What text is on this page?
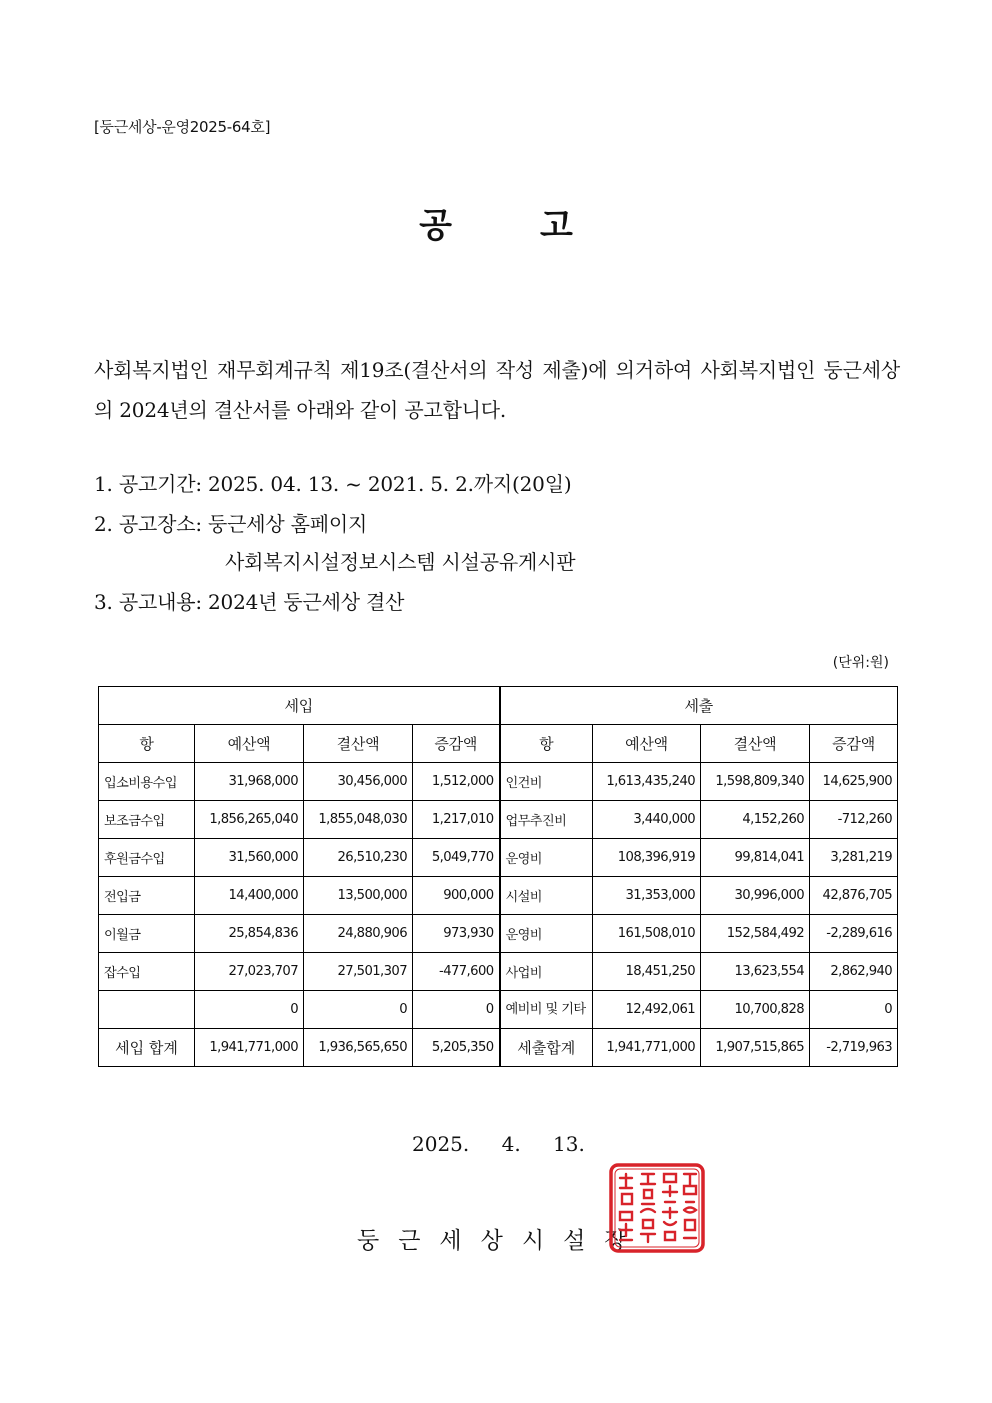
[둥근세상-운영2025-64호]
공	고
사회복지법인 재무회계규칙 제19조(결산서의 작성 제출)에 의거하여 사회복지법인 둥근세상의 2024년의 결산서를 아래와 같이 공고합니다.
1. 공고기간: 2025. 04. 13. ~ 2021. 5. 2.까지(20일)
2. 공고장소: 둥근세상 홈페이지
사회복지시설정보시스템 시설공유게시판
3. 공고내용: 2024년 둥근세상 결산
(단위:원)
세입				세출			
항	예산액	결산액	증감액	항	예산액	결산액	증감액
입소비용수입	31,968,000	30,456,000	1,512,000	인건비	1,613,435,240	1,598,809,340	14,625,900
보조금수입	1,856,265,040	1,855,048,030	1,217,010	업무추진비	3,440,000	4,152,260	-712,260
후원금수입	31,560,000	26,510,230	5,049,770	운영비	108,396,919	99,814,041	3,281,219
전입금	14,400,000	13,500,000	900,000	시설비	31,353,000	30,996,000	42,876,705
이월금	25,854,836	24,880,906	973,930	운영비	161,508,010	152,584,492	-2,289,616
잡수입	27,023,707	27,501,307	-477,600	사업비	18,451,250	13,623,554	2,862,940
	0	0	0	예비비 및 기타	12,492,061	10,700,828	0
세입 합계	1,941,771,000	1,936,565,650	5,205,350	세출합계	1,941,771,000	1,907,515,865	-2,719,963
2025. 4. 13.
둥근세상시설장
